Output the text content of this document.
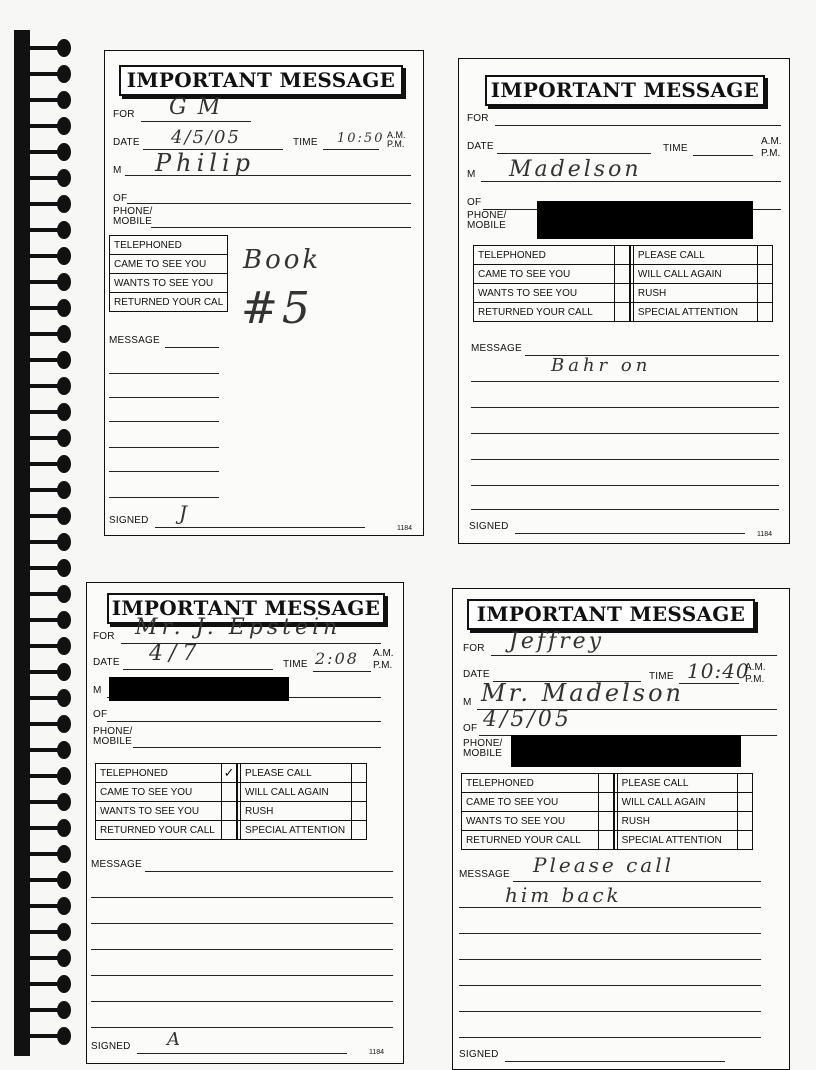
IMPORTANT MESSAGE
FOR G M
DATE 4/5/05	TIME 10:50 A.M.
P.M.
M Philip
OF
PHONE/
MOBILE
TELEPHONED
CAME TO SEE YOU
WANTS TO SEE YOU
RETURNED YOUR CAL
Book
#5
MESSAGE
SIGNED J
1184
IMPORTANT MESSAGE
FOR
DATE	TIME
A.M.
P.M.
M Madelson
OF
PHONE/
MOBILE
TELEPHONED			PLEASE CALL	
CAME TO SEE YOU			WILL CALL AGAIN	
WANTS TO SEE YOU			RUSH	
RETURNED YOUR CALL			SPECIAL ATTENTION	
MESSAGE
Bahr on
SIGNED
1184
IMPORTANT MESSAGE
FOR Mr. J. Epstein
DATE 4/7	TIME 2:08 A.M.
P.M.
M
OF
PHONE/
MOBILE
TELEPHONED	✓		PLEASE CALL	
CAME TO SEE YOU			WILL CALL AGAIN	
WANTS TO SEE YOU			RUSH	
RETURNED YOUR CALL			SPECIAL ATTENTION	
MESSAGE
SIGNED A
1184
IMPORTANT MESSAGE
FOR Jeffrey
DATE	TIME 10:40
A.M.
P.M.
M Mr. Madelson
OF 4/5/05
PHONE/
MOBILE
TELEPHONED			PLEASE CALL	
CAME TO SEE YOU			WILL CALL AGAIN	
WANTS TO SEE YOU			RUSH	
RETURNED YOUR CALL			SPECIAL ATTENTION	
MESSAGE Please call
him back
SIGNED
